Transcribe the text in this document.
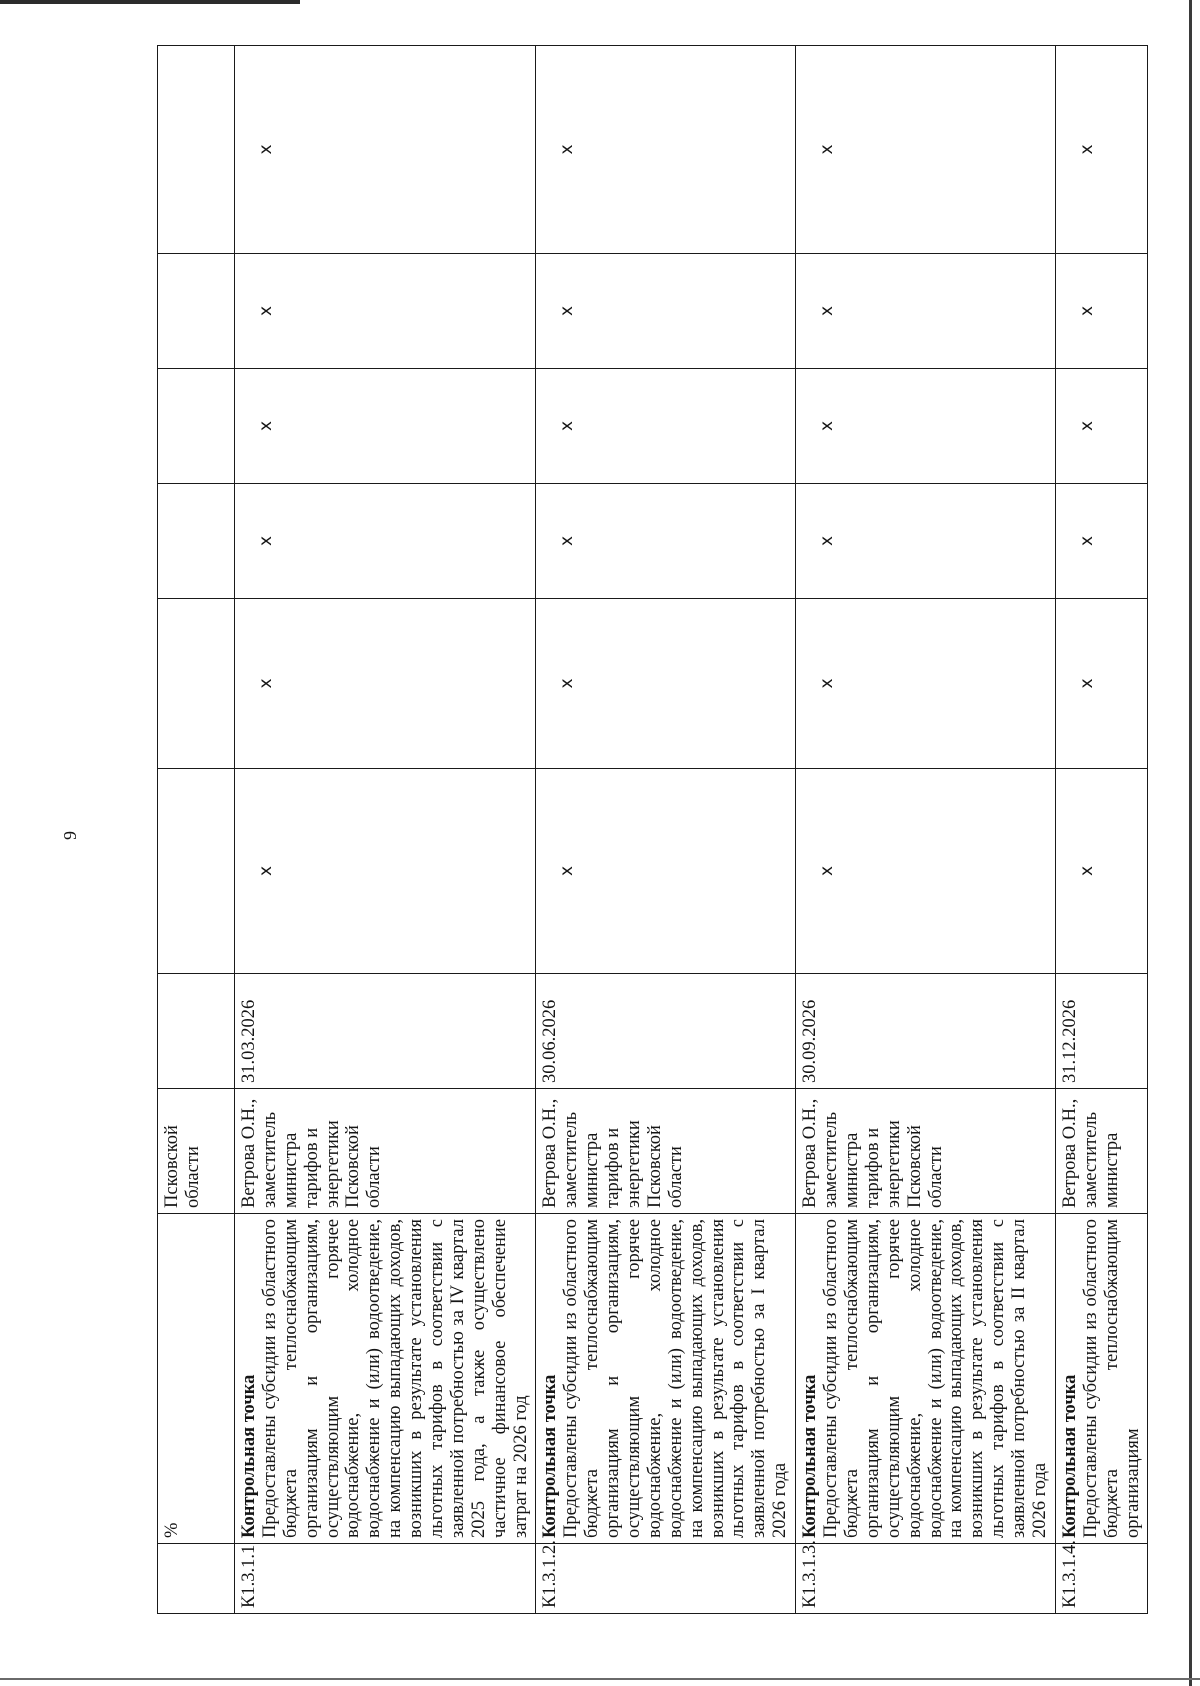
9
	%	Псковской области							
К1.3.1.1	Контрольная точка Предоставлены субсидии из областного бюджета теплоснабжающим организациям и организациям, осуществляющим горячее водоснабжение, холодное водоснабжение и (или) водоотведение, на компенсацию выпадающих доходов, возникших в результате установления льготных тарифов в соответствии с заявленной потребностью за IV квартал 2025 года, а также осуществлено частичное финансовое обеспечение затрат на 2026 год	Ветрова О.Н., заместитель министра тарифов и энергетики Псковской области	31.03.2026	x	x	x	x	x	x

К1.3.1.2.	Контрольная точка Предоставлены субсидии из областного бюджета теплоснабжающим организациям и организациям, осуществляющим горячее водоснабжение, холодное водоснабжение и (или) водоотведение, на компенсацию выпадающих доходов, возникших в результате установления льготных тарифов в соответствии с заявленной потребностью за I квартал 2026 года	Ветрова О.Н., заместитель министра тарифов и энергетики Псковской области	30.06.2026	x	x	x	x	x	x

К1.3.1.3.	Контрольная точка Предоставлены субсидии из областного бюджета теплоснабжающим организациям и организациям, осуществляющим горячее водоснабжение, холодное водоснабжение и (или) водоотведение, на компенсацию выпадающих доходов, возникших в результате установления льготных тарифов в соответствии с заявленной потребностью за II квартал 2026 года	Ветрова О.Н., заместитель министра тарифов и энергетики Псковской области	30.09.2026	x	x	x	x	x	x

К1.3.1.4.	Контрольная точка Предоставлены субсидии из областного бюджета теплоснабжающим организациям	Ветрова О.Н., заместитель министра	31.12.2026	x	x	x	x	x	x
